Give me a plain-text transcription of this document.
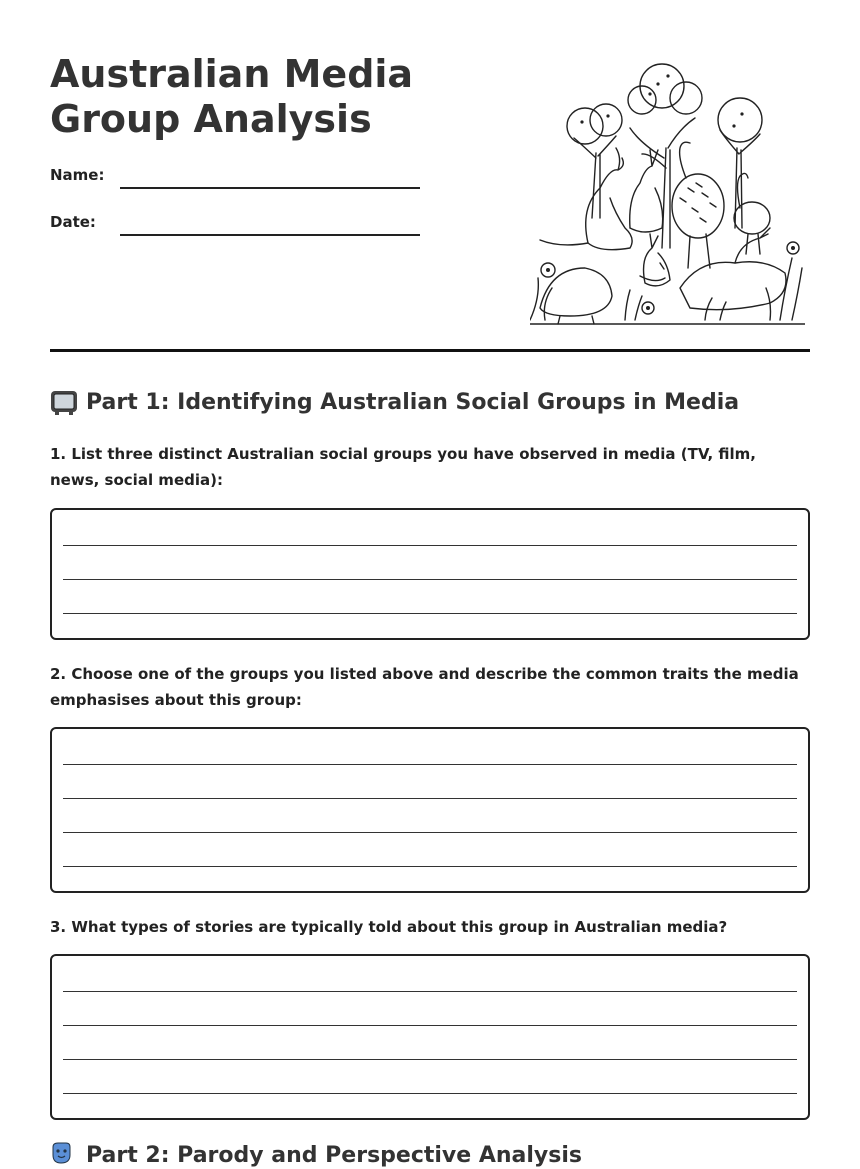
Australian Media Group Analysis
Name:
Date:
Part 1: Identifying Australian Social Groups in Media
1. List three distinct Australian social groups you have observed in media (TV, film, news, social media):
2. Choose one of the groups you listed above and describe the common traits the media emphasises about this group:
3. What types of stories are typically told about this group in Australian media?
Part 2: Parody and Perspective Analysis
